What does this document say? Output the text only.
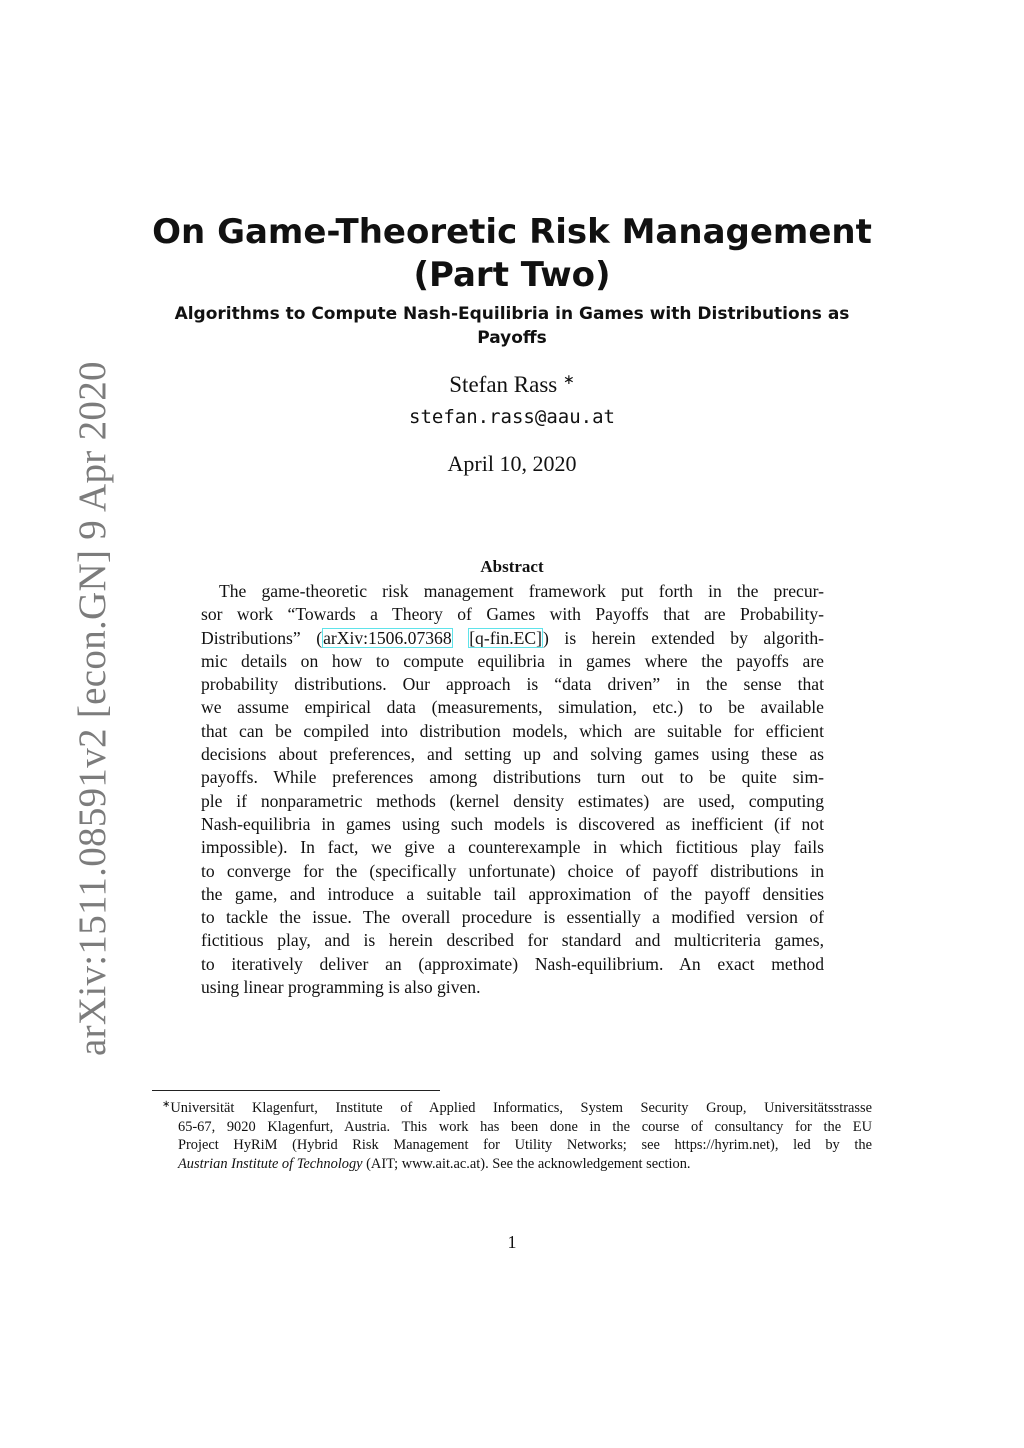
arXiv:1511.08591v2 [econ.GN] 9 Apr 2020
On Game-Theoretic Risk Management
(Part Two)
Algorithms to Compute Nash-Equilibria in Games with Distributions as
Payoffs
Stefan Rass ∗
stefan.rass@aau.at
April 10, 2020
Abstract
The game-theoretic risk management framework put forth in the precur-
sor work “Towards a Theory of Games with Payoffs that are Probability-
Distributions” (arXiv:1506.07368 [q-fin.EC]) is herein extended by algorith-
mic details on how to compute equilibria in games where the payoffs are
probability distributions. Our approach is “data driven” in the sense that
we assume empirical data (measurements, simulation, etc.) to be available
that can be compiled into distribution models, which are suitable for efficient
decisions about preferences, and setting up and solving games using these as
payoffs. While preferences among distributions turn out to be quite sim-
ple if nonparametric methods (kernel density estimates) are used, computing
Nash-equilibria in games using such models is discovered as inefficient (if not
impossible). In fact, we give a counterexample in which fictitious play fails
to converge for the (specifically unfortunate) choice of payoff distributions in
the game, and introduce a suitable tail approximation of the payoff densities
to tackle the issue. The overall procedure is essentially a modified version of
fictitious play, and is herein described for standard and multicriteria games,
to iteratively deliver an (approximate) Nash-equilibrium. An exact method
using linear programming is also given.
∗Universität Klagenfurt, Institute of Applied Informatics, System Security Group, Universitätsstrasse
65-67, 9020 Klagenfurt, Austria. This work has been done in the course of consultancy for the EU
Project HyRiM (Hybrid Risk Management for Utility Networks; see https://hyrim.net), led by the
Austrian Institute of Technology (AIT; www.ait.ac.at). See the acknowledgement section.
1
